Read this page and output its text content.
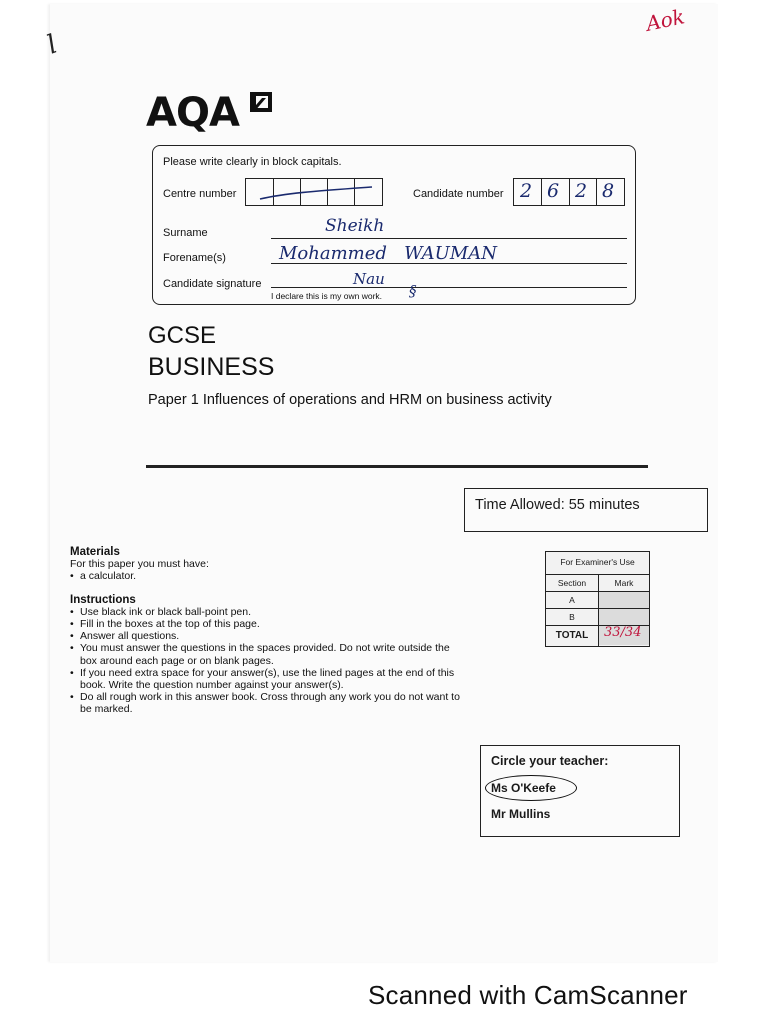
l
Aok
AQA
Please write clearly in block capitals.
Centre number	Candidate number 2 6 2 8
Surname	Sheikh
Forename(s)	Mohammed   WAUMAN
Candidate signature	Nau
I declare this is my own work. §
GCSE
BUSINESS
Paper 1 Influences of operations and HRM on business activity
Time Allowed: 55 minutes
Materials
For this paper you must have:
• a calculator.
Instructions
• Use black ink or black ball-point pen.
• Fill in the boxes at the top of this page.
• Answer all questions.
• You must answer the questions in the spaces provided. Do not write outside the box around each page or on blank pages.
• If you need extra space for your answer(s), use the lined pages at the end of this book. Write the question number against your answer(s).
• Do all rough work in this answer book. Cross through any work you do not want to be marked.
For Examiner's Use
Section	Mark
A
B
TOTAL	33/34
Circle your teacher:
Ms O'Keefe
Mr Mullins
Scanned with CamScanner
